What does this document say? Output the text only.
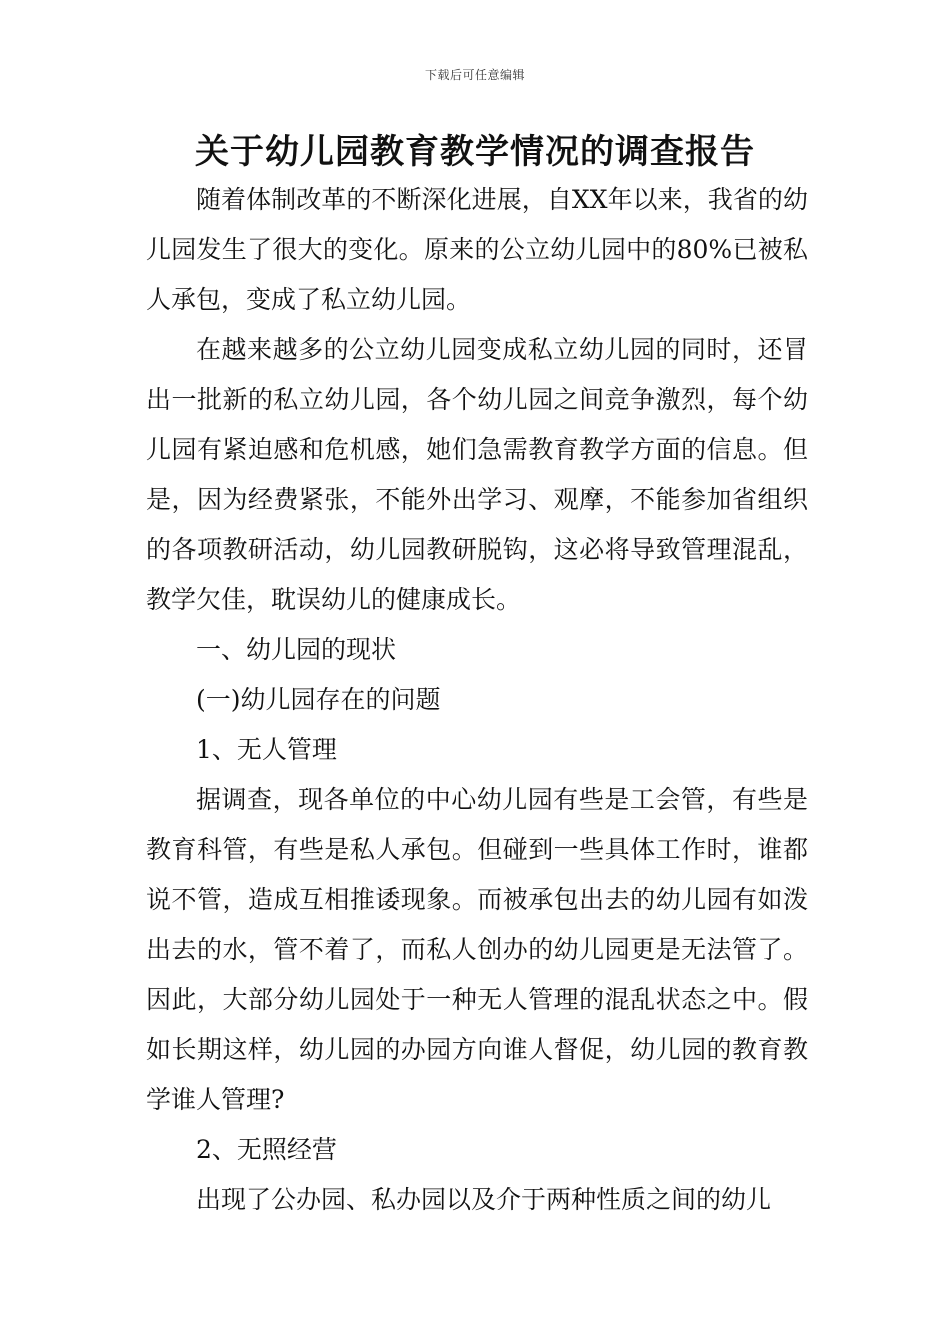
下载后可任意编辑
关于幼儿园教育教学情况的调查报告

随着体制改革的不断深化进展，自XX年以来，我省的幼儿园发生了很大的变化。原来的公立幼儿园中的80%已被私人承包，变成了私立幼儿园。

在越来越多的公立幼儿园变成私立幼儿园的同时，还冒出一批新的私立幼儿园，各个幼儿园之间竞争激烈，每个幼儿园有紧迫感和危机感，她们急需教育教学方面的信息。但是，因为经费紧张，不能外出学习、观摩，不能参加省组织的各项教研活动，幼儿园教研脱钩，这必将导致管理混乱，教学欠佳，耽误幼儿的健康成长。

一、幼儿园的现状

(一)幼儿园存在的问题

1、无人管理

据调查，现各单位的中心幼儿园有些是工会管，有些是教育科管，有些是私人承包。但碰到一些具体工作时，谁都说不管，造成互相推诿现象。而被承包出去的幼儿园有如泼出去的水，管不着了，而私人创办的幼儿园更是无法管了。因此，大部分幼儿园处于一种无人管理的混乱状态之中。假如长期这样，幼儿园的办园方向谁人督促，幼儿园的教育教学谁人管理?

2、无照经营

出现了公办园、私办园以及介于两种性质之间的幼儿
